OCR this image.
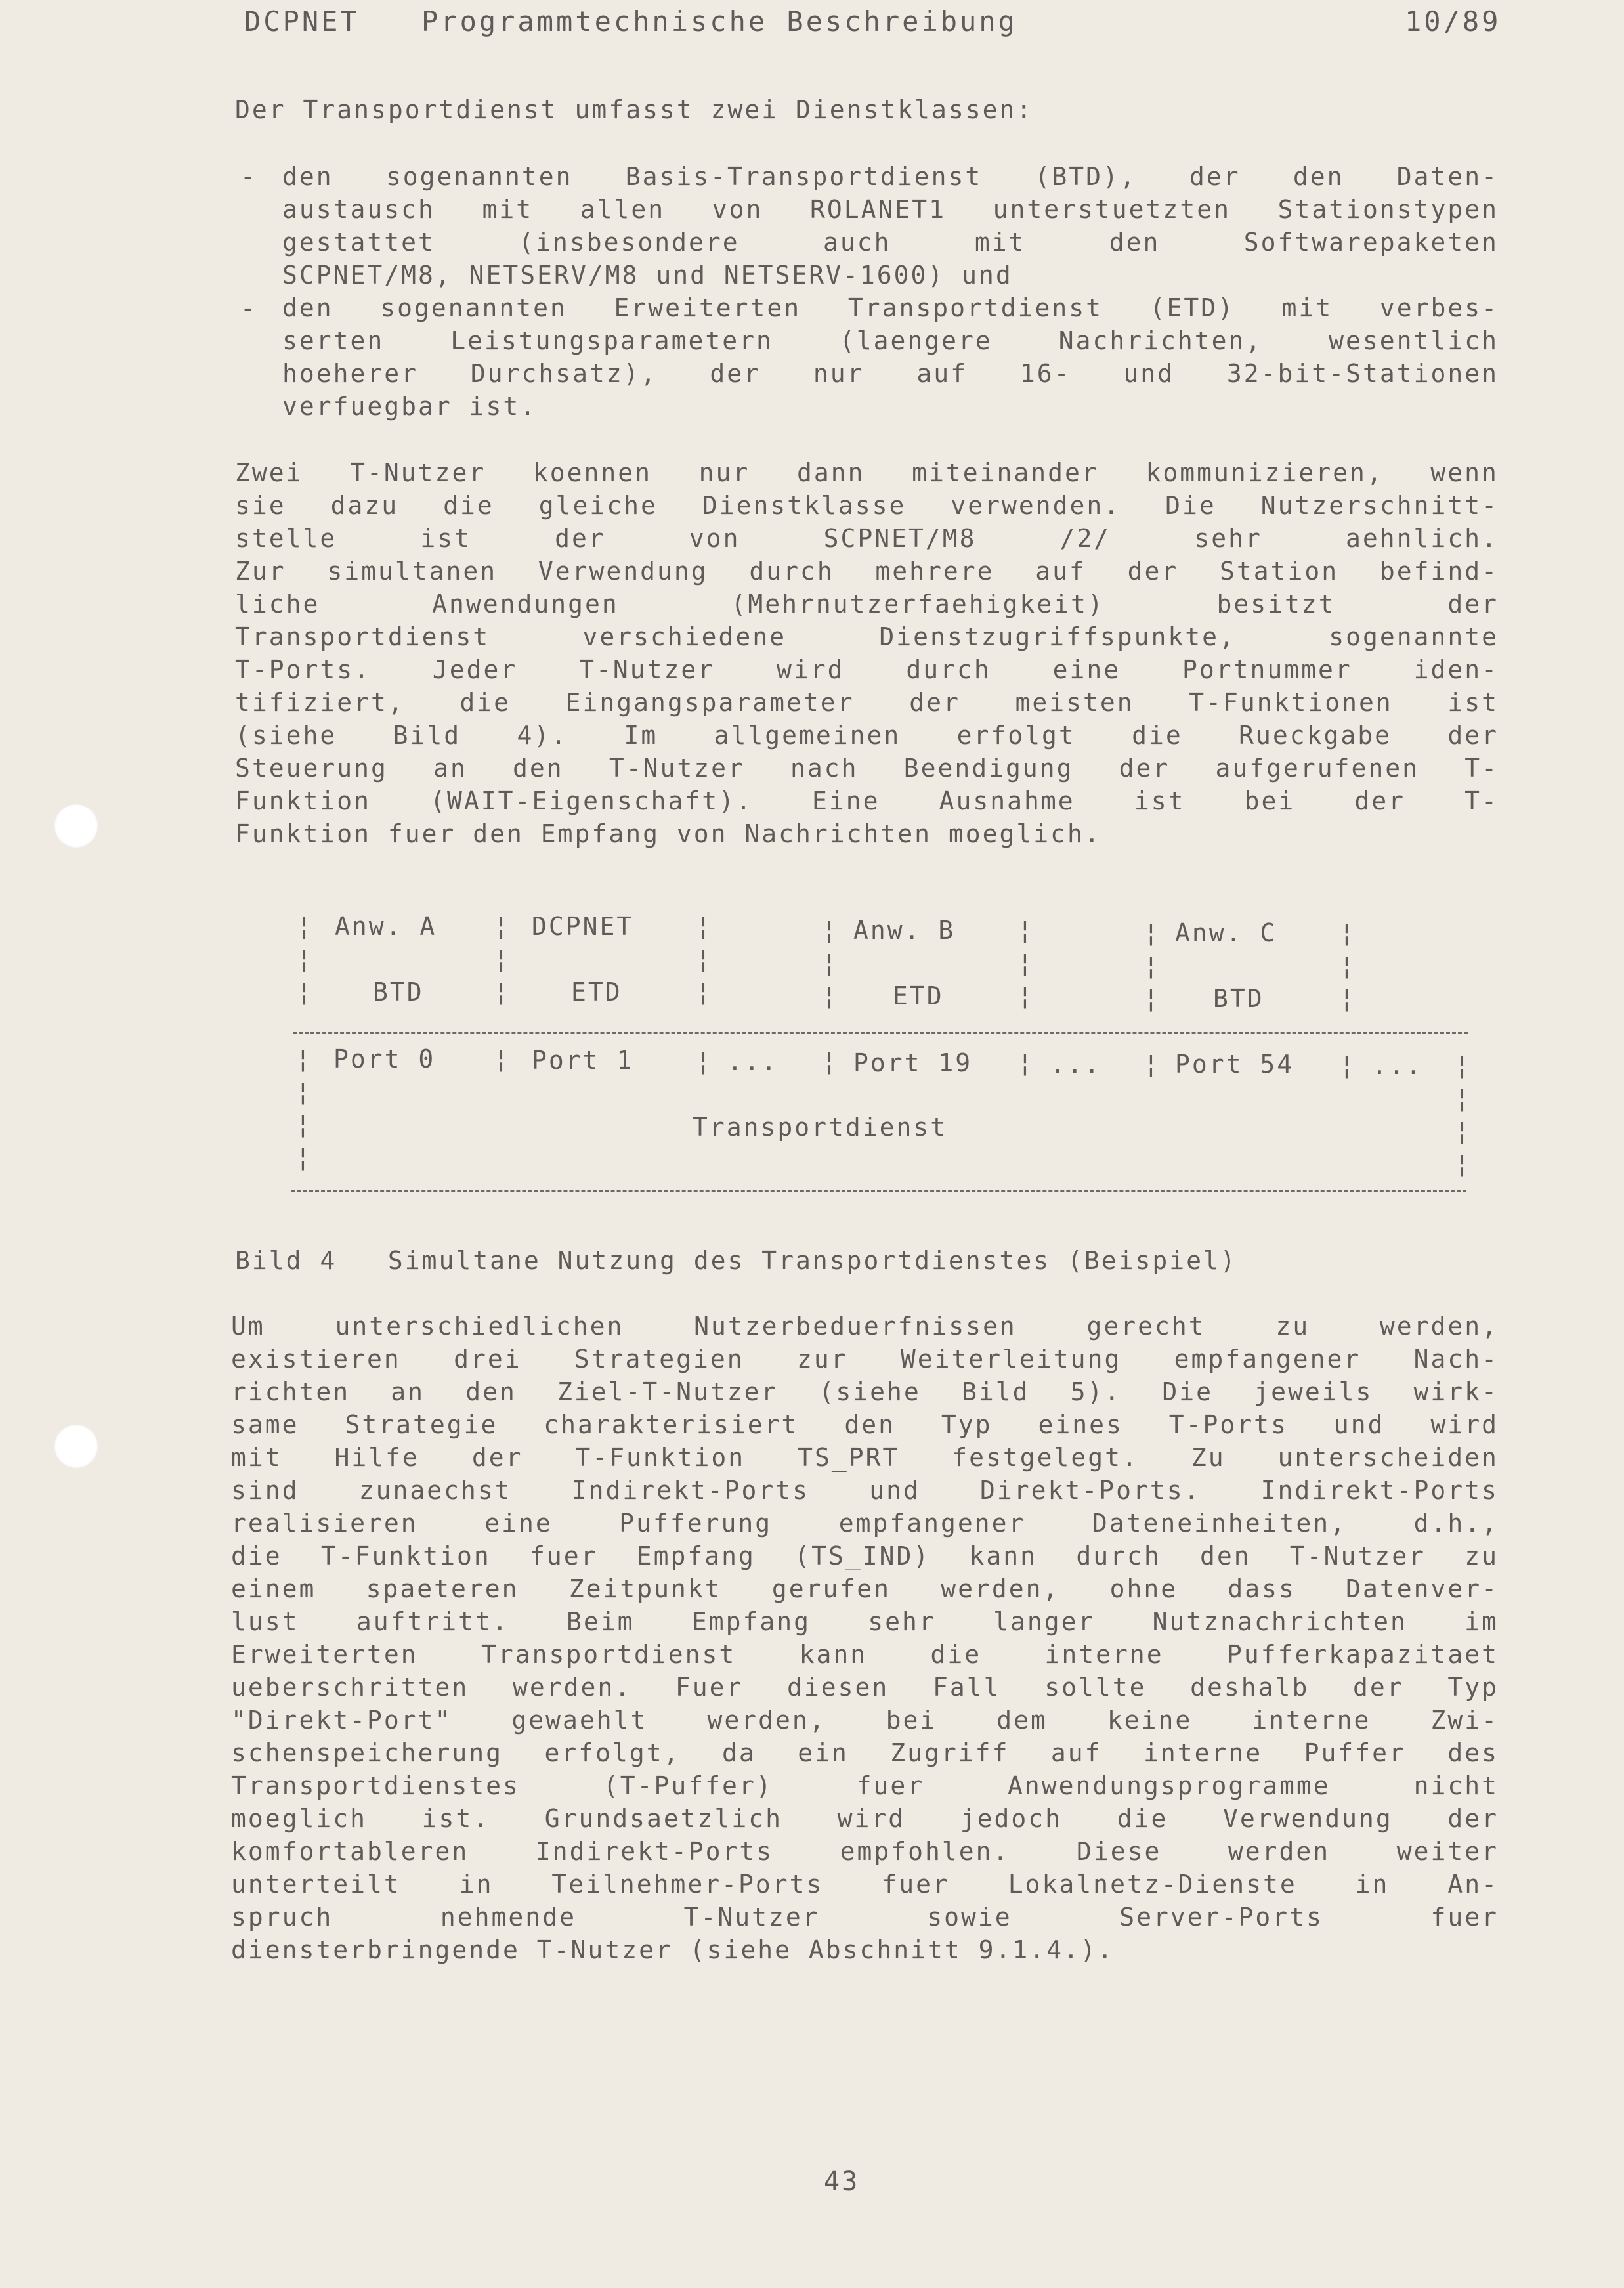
DCPNET Programmtechnische Beschreibung	10/89
Der Transportdienst umfasst zwei Dienstklassen:
- den sogenannten Basis-Transportdienst (BTD), der den Daten-
austausch mit allen von ROLANET1 unterstuetzten Stationstypen
gestattet	(insbesondere	auch	mit	den	Softwarepaketen
SCPNET/M8, NETSERV/M8 und NETSERV-1600) und
- den sogenannten Erweiterten Transportdienst (ETD) mit verbes-
serten	Leistungsparametern	(laengere	Nachrichten,	wesentlich
hoeherer Durchsatz), der nur auf 16- und 32-bit-Stationen
verfuegbar ist.
Zwei T-Nutzer koennen nur dann miteinander kommunizieren, wenn
sie dazu die gleiche Dienstklasse verwenden. Die Nutzerschnitt-
stelle	ist	der	von	SCPNET/M8	/2/	sehr	aehnlich.
Zur simultanen Verwendung durch mehrere auf der Station befind-
liche	Anwendungen	(Mehrnutzerfaehigkeit)	besitzt	der
Transportdienst	verschiedene	Dienstzugriffspunkte,	sogenannte
T-Ports. Jeder T-Nutzer wird durch eine Portnummer iden-
tifiziert, die Eingangsparameter der meisten T-Funktionen ist
(siehe Bild 4). Im allgemeinen erfolgt die Rueckgabe der
Steuerung an den T-Nutzer nach Beendigung der aufgerufenen T-
Funktion (WAIT-Eigenschaft). Eine Ausnahme ist bei der T-
Funktion fuer den Empfang von Nachrichten moeglich.
¦
¦
¦
Anw. A
BTD
¦
¦
¦
DCPNET
ETD
¦
¦
¦
¦
¦
¦
Anw. B
ETD
¦
¦
¦
¦
¦
¦
Anw. C
BTD
¦
¦
¦
¦ Port 0 ¦ Port 1 ¦ ... ¦ Port 19 ¦ ... ¦ Port 54 ¦ ... ¦
¦
¦
¦
¦
¦
¦
Transportdienst
Bild 4   Simultane Nutzung des Transportdienstes (Beispiel)
Um	unterschiedlichen	Nutzerbeduerfnissen	gerecht	zu	werden,
existieren drei Strategien zur Weiterleitung empfangener Nach-
richten an den Ziel-T-Nutzer (siehe Bild 5). Die jeweils wirk-
same Strategie charakterisiert den Typ eines T-Ports und wird
mit Hilfe der T-Funktion TS_PRT festgelegt. Zu unterscheiden
sind zunaechst Indirekt-Ports und Direkt-Ports. Indirekt-Ports
realisieren	eine	Pufferung	empfangener	Dateneinheiten,	d.h.,
die T-Funktion fuer Empfang (TS_IND) kann durch den T-Nutzer zu
einem spaeteren Zeitpunkt gerufen werden, ohne dass Datenver-
lust auftritt. Beim Empfang sehr langer Nutznachrichten im
Erweiterten	Transportdienst	kann	die	interne	Pufferkapazitaet
ueberschritten werden. Fuer diesen Fall sollte deshalb der Typ
"Direkt-Port" gewaehlt werden, bei dem keine interne Zwi-
schenspeicherung erfolgt, da ein Zugriff auf interne Puffer des
Transportdienstes	(T-Puffer)	fuer	Anwendungsprogramme	nicht
moeglich ist. Grundsaetzlich wird jedoch die Verwendung der
komfortableren	Indirekt-Ports	empfohlen.	Diese	werden	weiter
unterteilt in Teilnehmer-Ports fuer Lokalnetz-Dienste in An-
spruch	nehmende	T-Nutzer	sowie	Server-Ports	fuer
diensterbringende T-Nutzer (siehe Abschnitt 9.1.4.).
43
